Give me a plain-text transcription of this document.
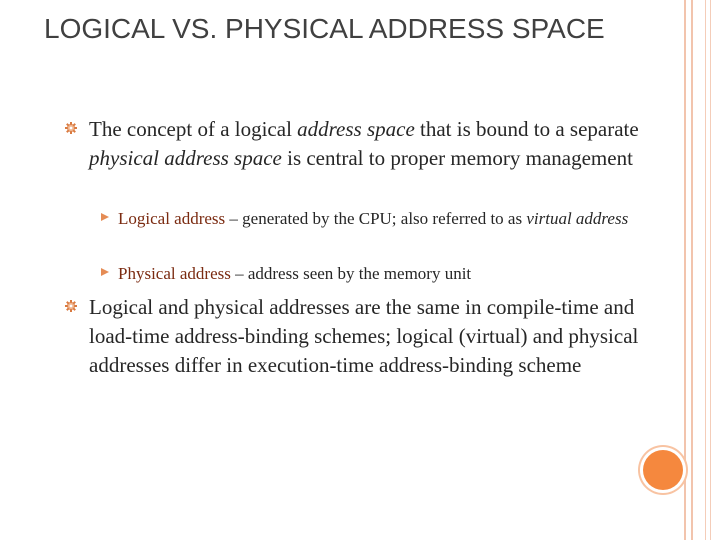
LOGICAL VS. PHYSICAL ADDRESS SPACE
The concept of a logical address space that is bound to a separate physical address space is central to proper memory management
Logical address – generated by the CPU; also referred to as virtual address
Physical address – address seen by the memory unit
Logical and physical addresses are the same in compile-time and load-time address-binding schemes; logical (virtual) and physical addresses differ in execution-time address-binding scheme
